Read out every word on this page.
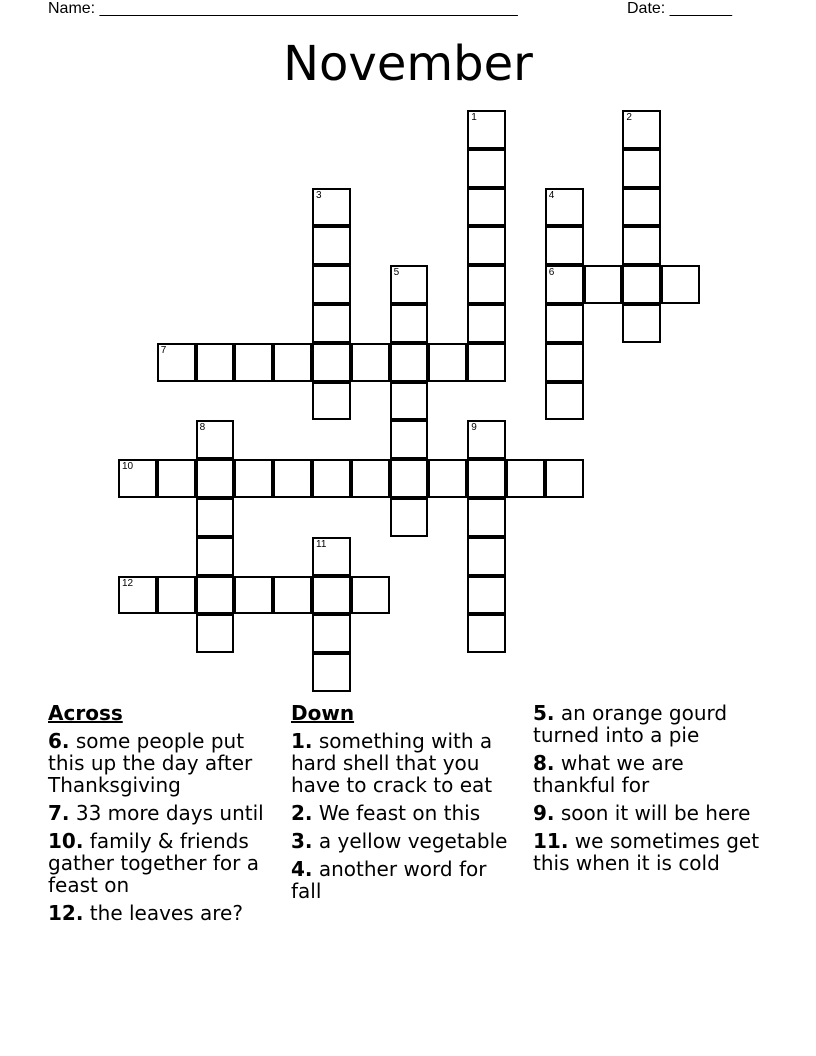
Name: _______________________________________________	Date: _______
November
1	2
3	4
5	6
7
8	9
10
11
12
Across
6. some people put this up the day after Thanksgiving
7. 33 more days until
10. family & friends gather together for a feast on
12. the leaves are?
Down
1. something with a hard shell that you have to crack to eat
2. We feast on this
3. a yellow vegetable
4. another word for fall
5. an orange gourd turned into a pie
8. what we are thankful for
9. soon it will be here
11. we sometimes get this when it is cold
